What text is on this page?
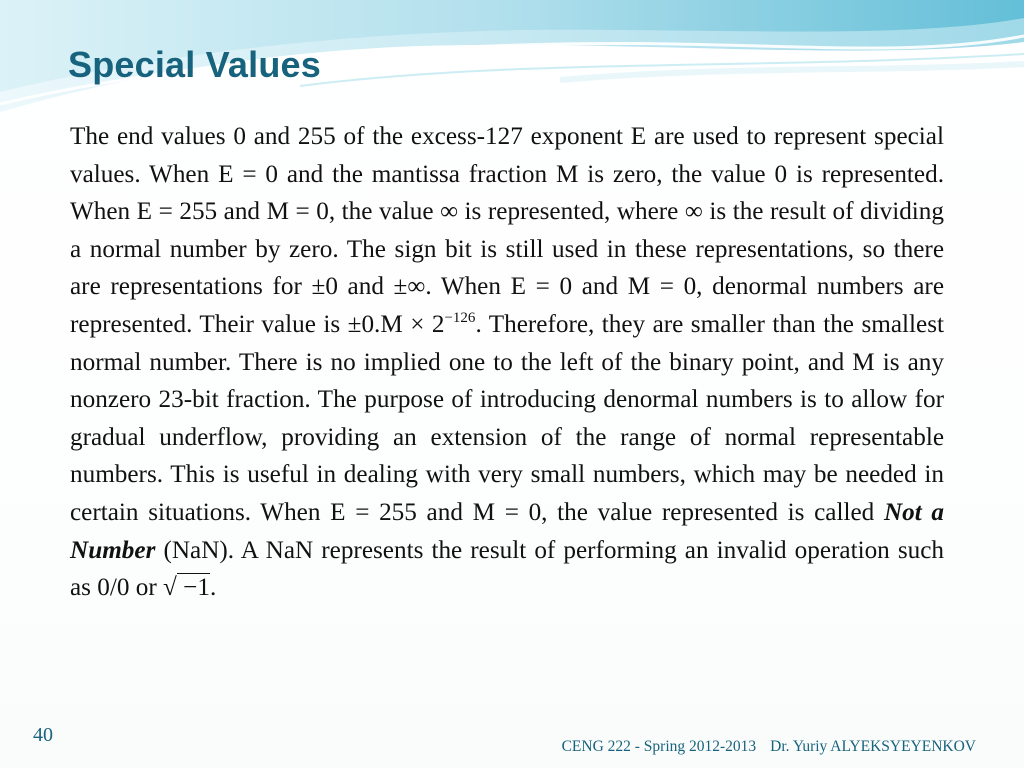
Special Values

The end values 0 and 255 of the excess-127 exponent E are used to represent special values. When E = 0 and the mantissa fraction M is zero, the value 0 is represented. When E = 255 and M = 0, the value ∞ is represented, where ∞ is the result of dividing a normal number by zero. The sign bit is still used in these representations, so there are representations for ±0 and ±∞. When E = 0 and M = 0, denormal numbers are represented. Their value is $\pm 0.M \times 2^{-126}$. Therefore, they are smaller than the smallest normal number. There is no implied one to the left of the binary point, and M is any nonzero 23-bit fraction. The purpose of introducing denormal numbers is to allow for gradual underflow, providing an extension of the range of normal representable numbers. This is useful in dealing with very small numbers, which may be needed in certain situations. When E = 255 and M = 0, the value represented is called Not a Number (NaN). A NaN represents the result of performing an invalid operation such as 0/0 or √ −1.

40
CENG 222 - Spring 2012-2013 Dr. Yuriy ALYEKSYEYENKOV
